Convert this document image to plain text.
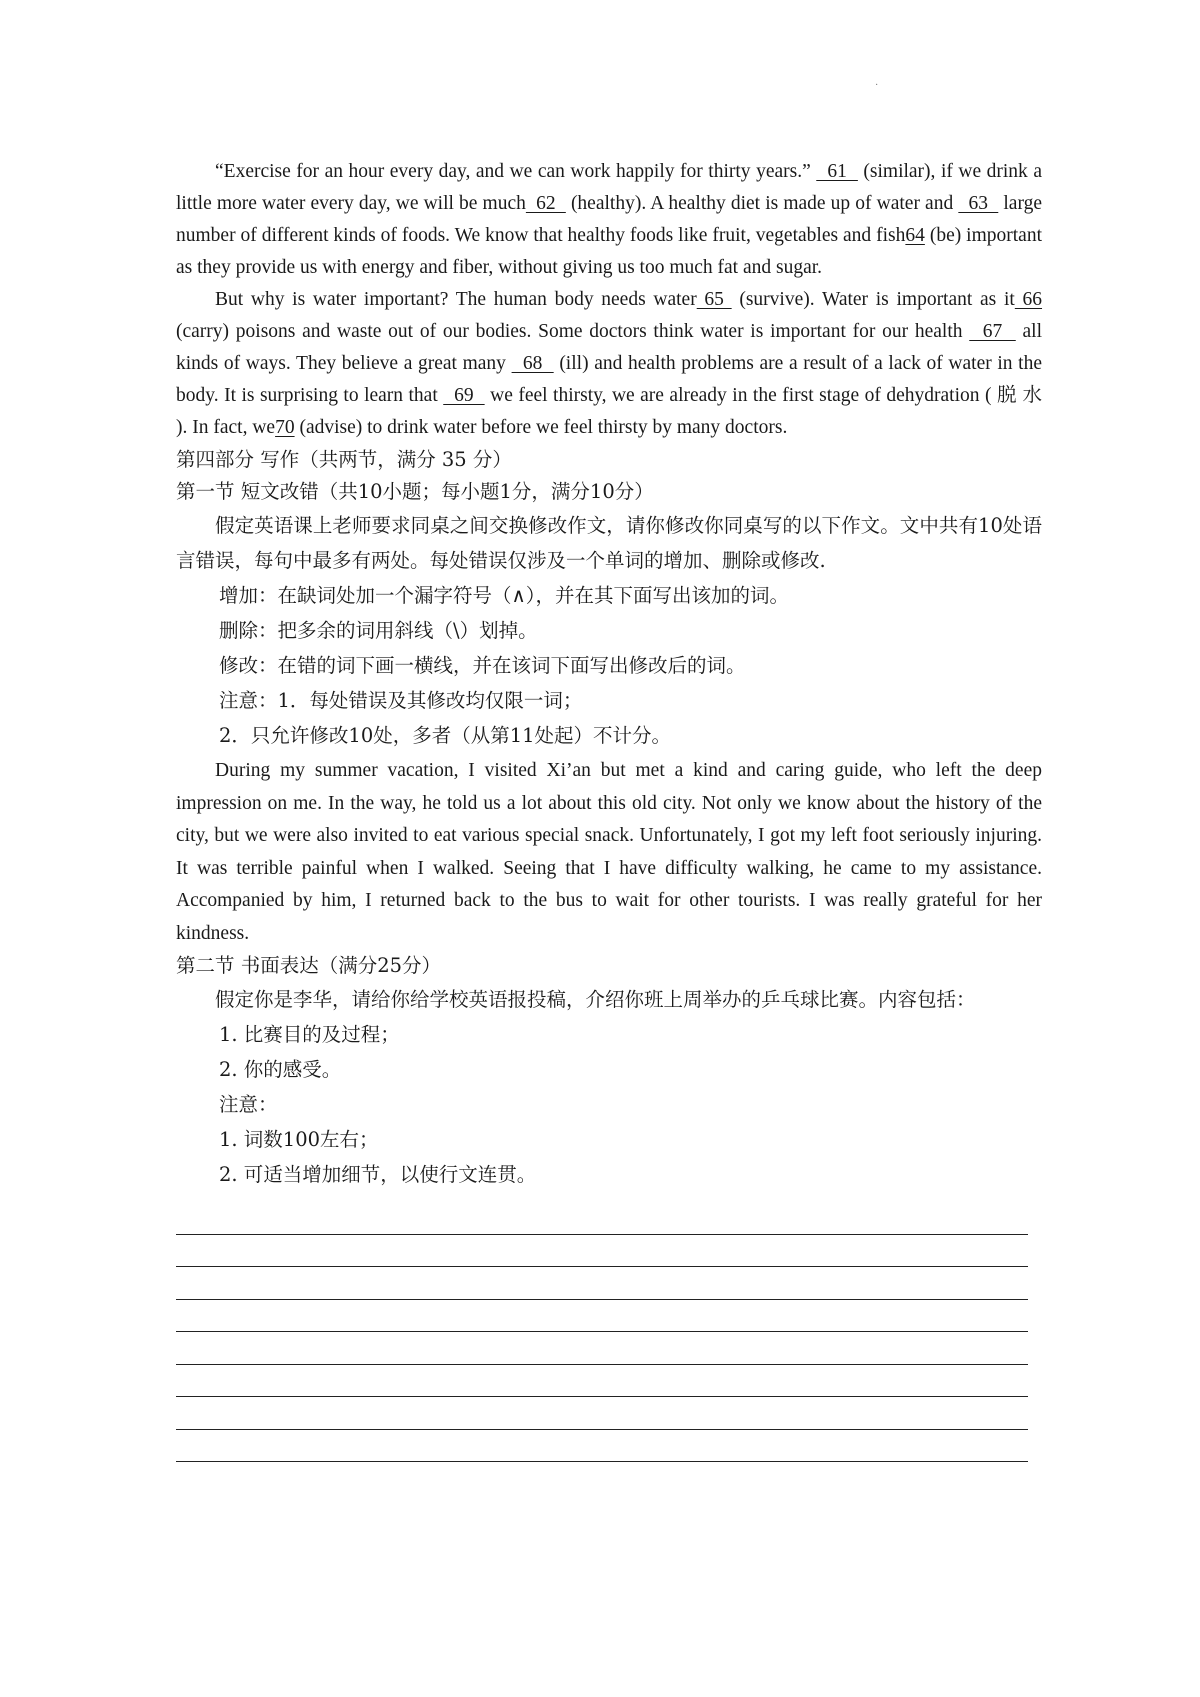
·

“Exercise for an hour every day, and we can work happily for thirty years.”   61   (similar), if we drink a little more water every day, we will be much  62   (healthy). A healthy diet is made up of water and   63   large number of different kinds of foods. We know that healthy foods like fruit, vegetables and fish64 (be) important as they provide us with energy and fiber, without giving us too much fat and sugar.

But why is water important? The human body needs water 65  (survive). Water is important as it 66 (carry) poisons and waste out of our bodies. Some doctors think water is important for our health   67   all kinds of ways. They believe a great many   68   (ill) and health problems are a result of a lack of water in the body. It is surprising to learn that   69   we feel thirsty, we are already in the first stage of dehydration ( 脱 水 ). In fact, we70 (advise) to drink water before we feel thirsty by many doctors.

第四部分 写作（共两节，满分 35 分）

第一节 短文改错（共10小题；每小题1分，满分10分）

假定英语课上老师要求同桌之间交换修改作文，请你修改你同桌写的以下作文。文中共有10处语言错误，每句中最多有两处。每处错误仅涉及一个单词的增加、删除或修改.

增加：在缺词处加一个漏字符号（∧），并在其下面写出该加的词。

删除：把多余的词用斜线（\）划掉。

修改：在错的词下画一横线，并在该词下面写出修改后的词。

注意：1．每处错误及其修改均仅限一词；

2．只允许修改10处，多者（从第11处起）不计分。

During my summer vacation, I visited Xi’an but met a kind and caring guide, who left the deep impression on me. In the way, he told us a lot about this old city. Not only we know about the history of the city, but we were also invited to eat various special snack. Unfortunately, I got my left foot seriously injuring. It was terrible painful when I walked. Seeing that I have difficulty walking, he came to my assistance. Accompanied by him, I returned back to the bus to wait for other tourists. I was really grateful for her kindness.

第二节 书面表达（满分25分）

假定你是李华，请给你给学校英语报投稿，介绍你班上周举办的乒乓球比赛。内容包括：

1. 比赛目的及过程；

2. 你的感受。

注意：

1. 词数100左右；

2. 可适当增加细节，以使行文连贯。
